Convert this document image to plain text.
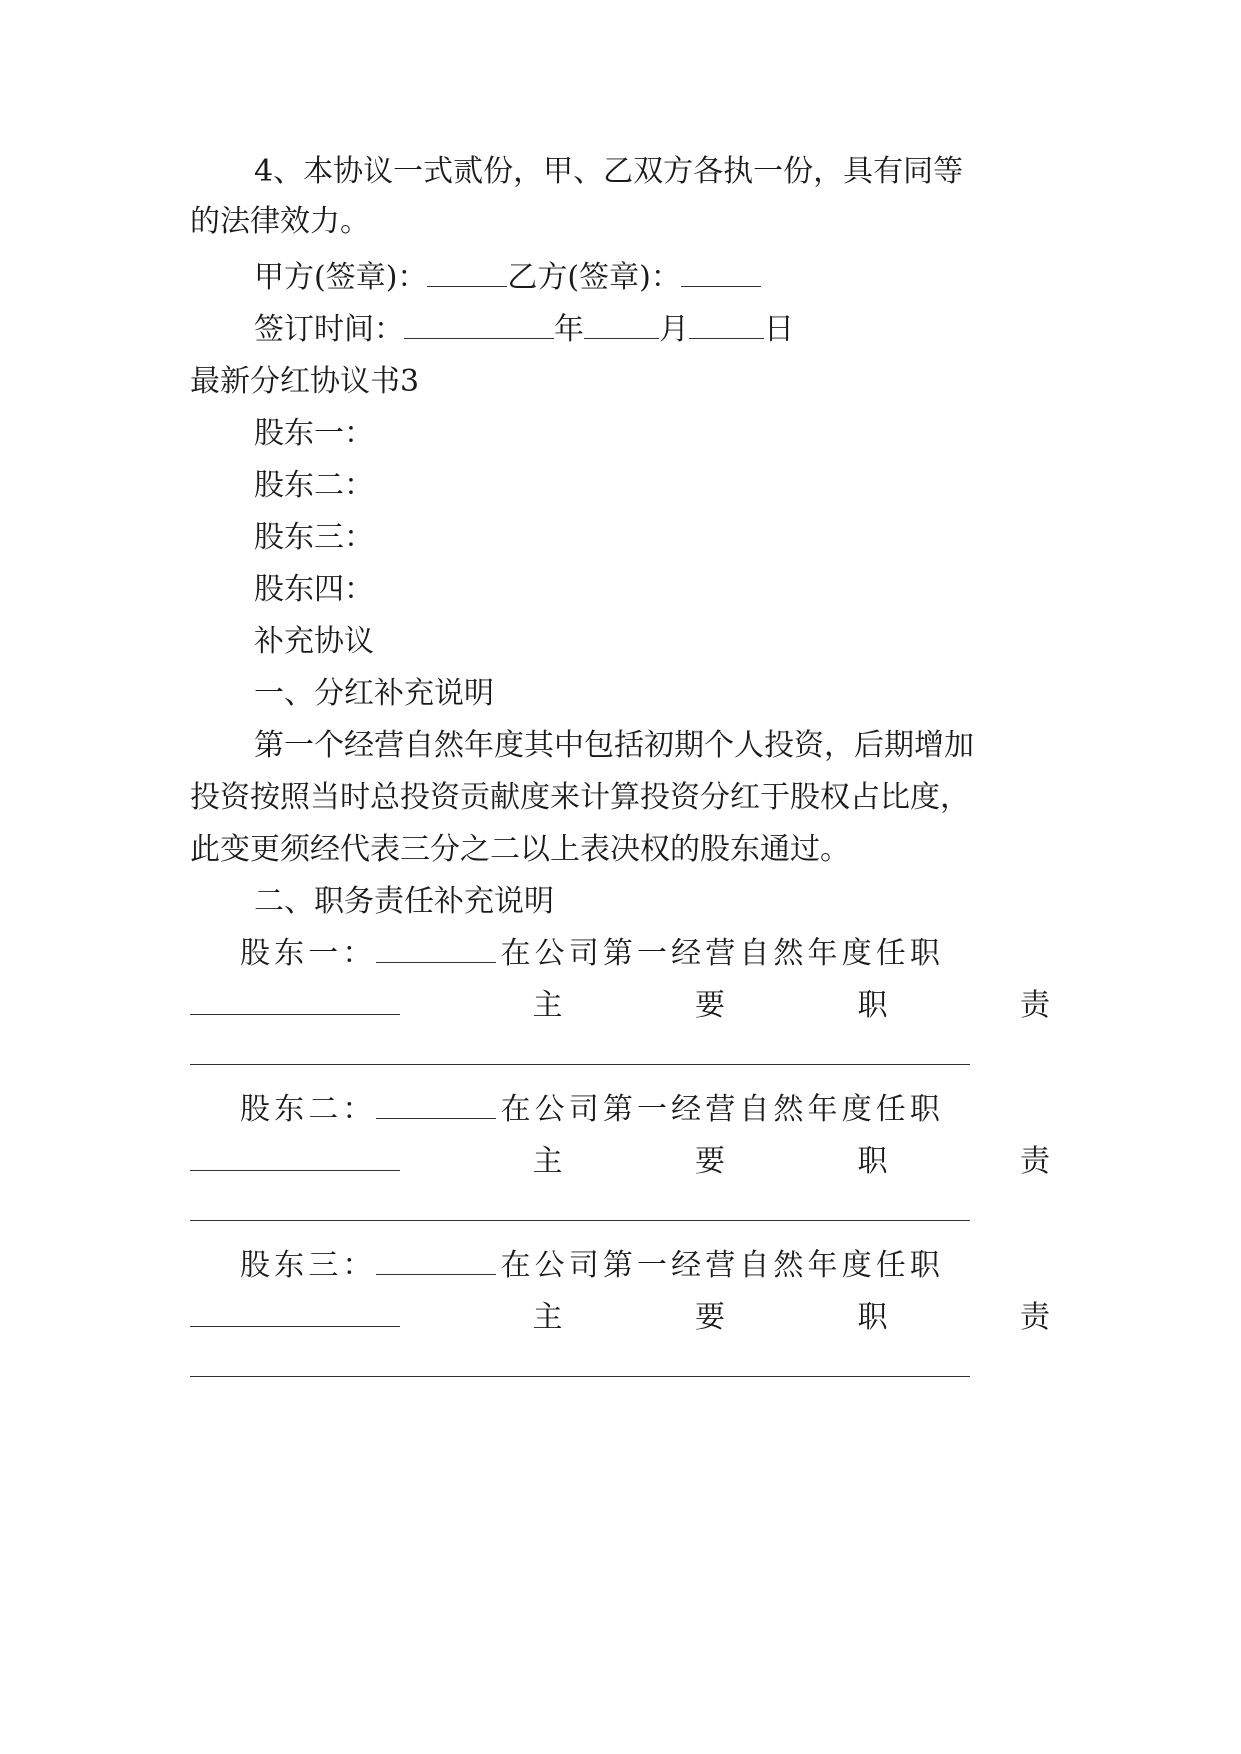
4、本协议一式贰份，甲、乙双方各执一份，具有同等
的法律效力。
甲方(签章)：	乙方(签章)：
签订时间：	年	月	日
最新分红协议书3
股东一：
股东二：
股东三：
股东四：
补充协议
一、分红补充说明
第一个经营自然年度其中包括初期个人投资，后期增加
投资按照当时总投资贡献度来计算投资分红于股权占比度，
此变更须经代表三分之二以上表决权的股东通过。
二、职务责任补充说明
股 东 一 ：	在 公 司 第 一 经 营 自 然 年 度 任 职
主	要	职	责
股 东 二 ：	在 公 司 第 一 经 营 自 然 年 度 任 职
主	要	职	责
股 东 三 ：	在 公 司 第 一 经 营 自 然 年 度 任 职
主	要	职	责
